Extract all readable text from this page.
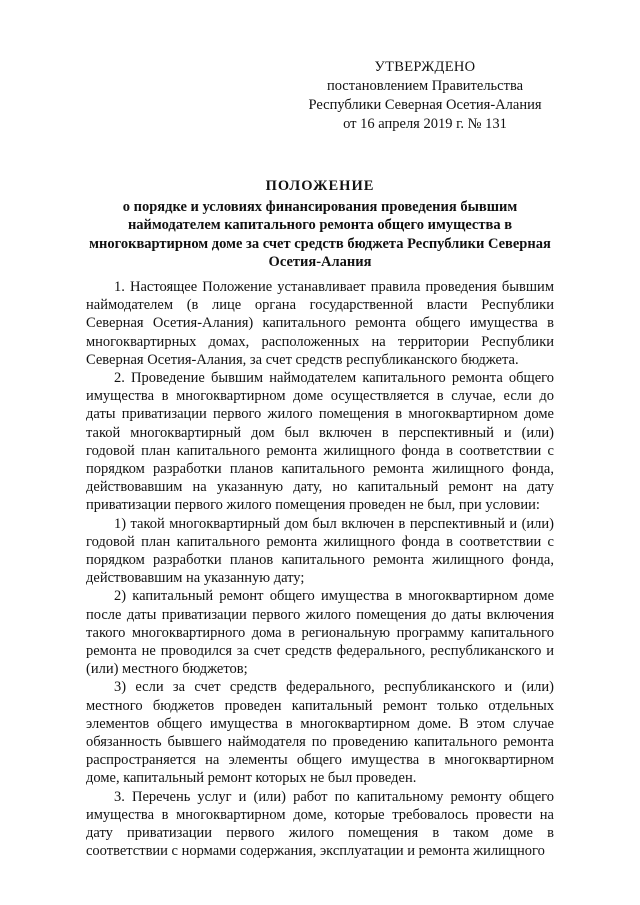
УТВЕРЖДЕНО
постановлением Правительства
Республики Северная Осетия-Алания
от 16 апреля 2019 г. № 131
ПОЛОЖЕНИЕ
о порядке и условиях финансирования проведения бывшим наймодателем капитального ремонта общего имущества в многоквартирном доме за счет средств бюджета Республики Северная Осетия-Алания

1. Настоящее Положение устанавливает правила проведения бывшим наймодателем (в лице органа государственной власти Республики Северная Осетия-Алания) капитального ремонта общего имущества в многоквартирных домах, расположенных на территории Республики Северная Осетия-Алания, за счет средств республиканского бюджета.

2. Проведение бывшим наймодателем капитального ремонта общего имущества в многоквартирном доме осуществляется в случае, если до даты приватизации первого жилого помещения в многоквартирном доме такой многоквартирный дом был включен в перспективный и (или) годовой план капитального ремонта жилищного фонда в соответствии с порядком разработки планов капитального ремонта жилищного фонда, действовавшим на указанную дату, но капитальный ремонт на дату приватизации первого жилого помещения проведен не был, при условии:

1) такой многоквартирный дом был включен в перспективный и (или) годовой план капитального ремонта жилищного фонда в соответствии с порядком разработки планов капитального ремонта жилищного фонда, действовавшим на указанную дату;

2) капитальный ремонт общего имущества в многоквартирном доме после даты приватизации первого жилого помещения до даты включения такого многоквартирного дома в региональную программу капитального ремонта не проводился за счет средств федерального, республиканского и (или) местного бюджетов;

3) если за счет средств федерального, республиканского и (или) местного бюджетов проведен капитальный ремонт только отдельных элементов общего имущества в многоквартирном доме. В этом случае обязанность бывшего наймодателя по проведению капитального ремонта распространяется на элементы общего имущества в многоквартирном доме, капитальный ремонт которых не был проведен.

3. Перечень услуг и (или) работ по капитальному ремонту общего имущества в многоквартирном доме, которые требовалось провести на дату приватизации первого жилого помещения в таком доме в соответствии с нормами содержания, эксплуатации и ремонта жилищного
